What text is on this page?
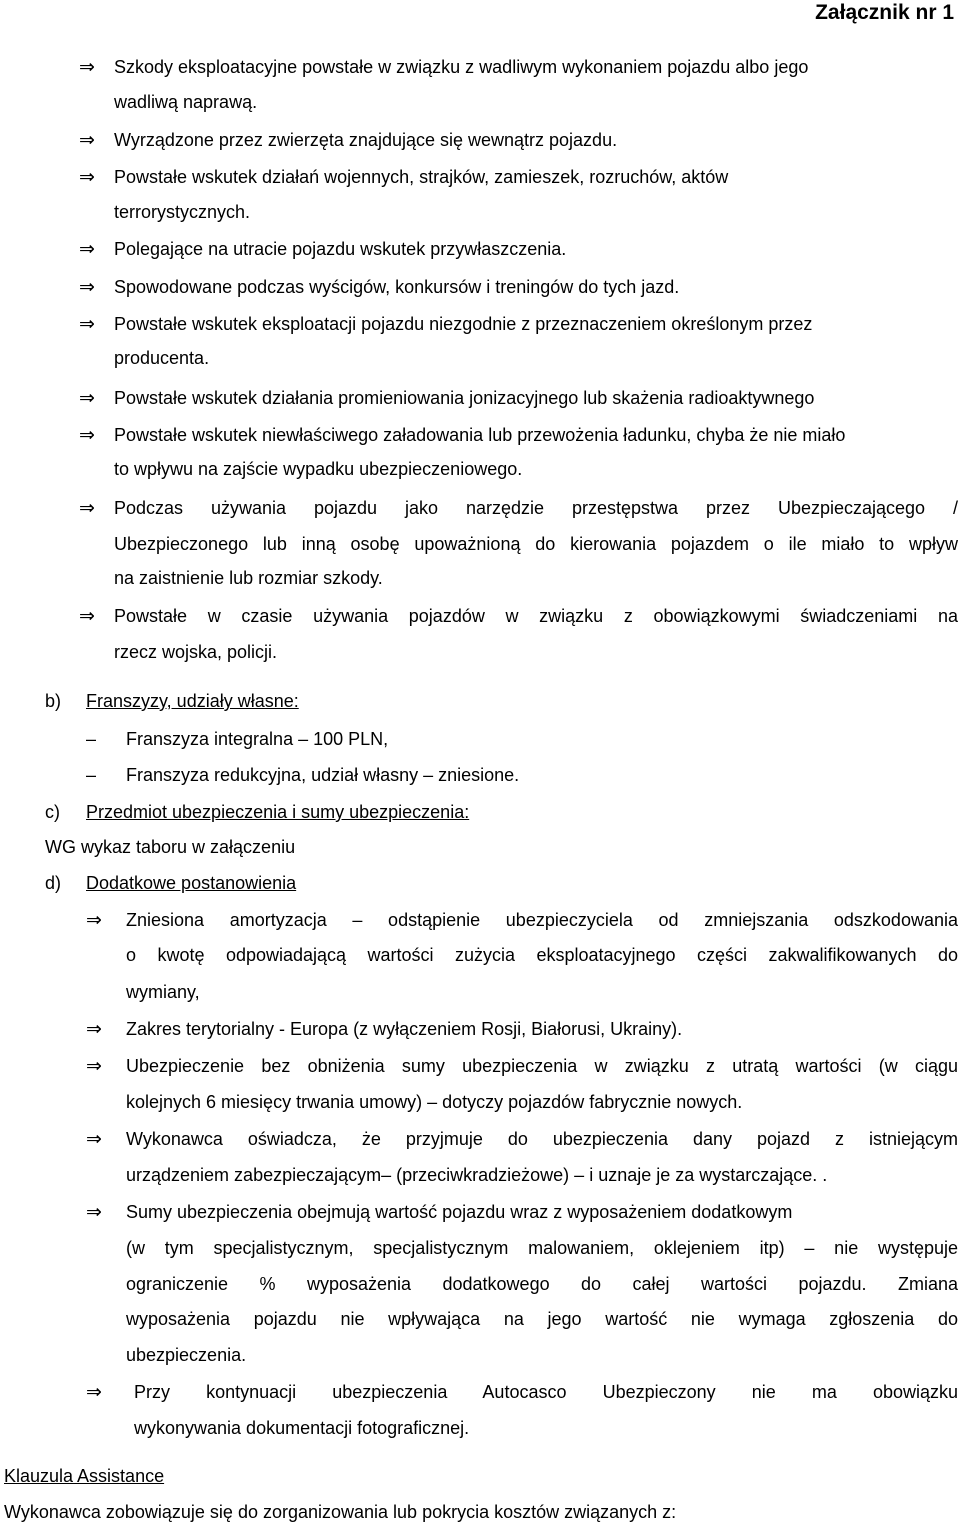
Załącznik nr 1
⇒ Szkody eksploatacyjne powstałe w związku z wadliwym wykonaniem pojazdu albo jego
wadliwą naprawą.
⇒ Wyrządzone przez zwierzęta znajdujące się wewnątrz pojazdu.
⇒ Powstałe wskutek działań wojennych, strajków, zamieszek, rozruchów, aktów
terrorystycznych.
⇒ Polegające na utracie pojazdu wskutek przywłaszczenia.
⇒ Spowodowane podczas wyścigów, konkursów i treningów do tych jazd.
⇒ Powstałe wskutek eksploatacji pojazdu niezgodnie z przeznaczeniem określonym przez
producenta.
⇒ Powstałe wskutek działania promieniowania jonizacyjnego lub skażenia radioaktywnego
⇒ Powstałe wskutek niewłaściwego załadowania lub przewożenia ładunku, chyba że nie miało
to wpływu na zajście wypadku ubezpieczeniowego.
⇒ Podczas używania pojazdu jako narzędzie przestępstwa przez Ubezpieczającego /
Ubezpieczonego lub inną osobę upoważnioną do kierowania pojazdem o ile miało to wpływ
na zaistnienie lub rozmiar szkody.
⇒ Powstałe w czasie używania pojazdów w związku z obowiązkowymi świadczeniami na
rzecz wojska, policji.
b) Franszyzy, udziały własne:
– Franszyza integralna – 100 PLN,
– Franszyza redukcyjna, udział własny – zniesione.
c) Przedmiot ubezpieczenia i sumy ubezpieczenia:
WG wykaz taboru w załączeniu
d) Dodatkowe postanowienia
⇒ Zniesiona amortyzacja – odstąpienie ubezpieczyciela od zmniejszania odszkodowania
o kwotę odpowiadającą wartości zużycia eksploatacyjnego części zakwalifikowanych do
wymiany,
⇒ Zakres terytorialny - Europa (z wyłączeniem Rosji, Białorusi, Ukrainy).
⇒ Ubezpieczenie bez obniżenia sumy ubezpieczenia w związku z utratą wartości (w ciągu
kolejnych 6 miesięcy trwania umowy) – dotyczy pojazdów fabrycznie nowych.
⇒ Wykonawca oświadcza, że przyjmuje do ubezpieczenia dany pojazd z istniejącym
urządzeniem zabezpieczającym– (przeciwkradzieżowe) – i uznaje je za wystarczające. .
⇒ Sumy ubezpieczenia obejmują wartość pojazdu wraz z wyposażeniem dodatkowym
(w tym specjalistycznym, specjalistycznym malowaniem, oklejeniem itp) – nie występuje
ograniczenie % wyposażenia dodatkowego do całej wartości pojazdu. Zmiana
wyposażenia pojazdu nie wpływająca na jego wartość nie wymaga zgłoszenia do
ubezpieczenia.
⇒ Przy kontynuacji ubezpieczenia Autocasco Ubezpieczony nie ma obowiązku
wykonywania dokumentacji fotograficznej.
Klauzula Assistance
Wykonawca zobowiązuje się do zorganizowania lub pokrycia kosztów związanych z:
